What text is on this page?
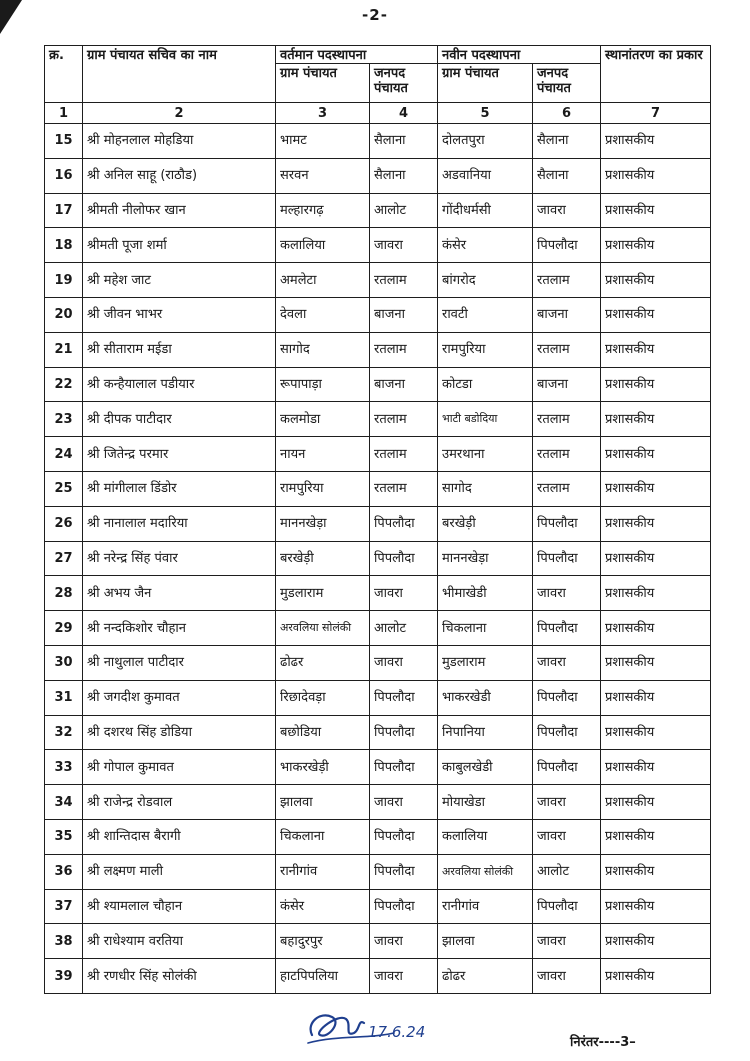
-2-
क्र.	ग्राम पंचायत सचिव का नाम	वर्तमान पदस्थापना		नवीन पदस्थापना		स्थानांतरण का प्रकार
		ग्राम पंचायत	जनपद पंचायत	ग्राम पंचायत	जनपद पंचायत	
1	2	3	4	5	6	7
15	श्री मोहनलाल मोहडिया	भामट	सैलाना	दोलतपुरा	सैलाना	प्रशासकीय
16	श्री अनिल साहू (राठौड)	सरवन	सैलाना	अडवानिया	सैलाना	प्रशासकीय
17	श्रीमती नीलोफर खान	मल्हारगढ़	आलोट	गोंदीधर्मसी	जावरा	प्रशासकीय
18	श्रीमती पूजा शर्मा	कलालिया	जावरा	कंसेर	पिपलौदा	प्रशासकीय
19	श्री महेश जाट	अमलेटा	रतलाम	बांगरोद	रतलाम	प्रशासकीय
20	श्री जीवन भाभर	देवला	बाजना	रावटी	बाजना	प्रशासकीय
21	श्री सीताराम मईडा	सागोद	रतलाम	रामपुरिया	रतलाम	प्रशासकीय
22	श्री कन्हैयालाल पडीयार	रूपापाड़ा	बाजना	कोटडा	बाजना	प्रशासकीय
23	श्री दीपक पाटीदार	कलमोडा	रतलाम	भाटी बडोदिया	रतलाम	प्रशासकीय
24	श्री जितेन्द्र परमार	नायन	रतलाम	उमरथाना	रतलाम	प्रशासकीय
25	श्री मांगीलाल डिंडोर	रामपुरिया	रतलाम	सागोद	रतलाम	प्रशासकीय
26	श्री नानालाल मदारिया	माननखेड़ा	पिपलौदा	बरखेड़ी	पिपलौदा	प्रशासकीय
27	श्री नरेन्द्र सिंह पंवार	बरखेड़ी	पिपलौदा	माननखेड़ा	पिपलौदा	प्रशासकीय
28	श्री अभय जैन	मुडलाराम	जावरा	भीमाखेडी	जावरा	प्रशासकीय
29	श्री नन्दकिशोर चौहान	अरवलिया सोलंकी	आलोट	चिकलाना	पिपलौदा	प्रशासकीय
30	श्री नाथुलाल पाटीदार	ढोढर	जावरा	मुडलाराम	जावरा	प्रशासकीय
31	श्री जगदीश कुमावत	रिछादेवड़ा	पिपलौदा	भाकरखेडी	पिपलौदा	प्रशासकीय
32	श्री दशरथ सिंह डोडिया	बछोडिया	पिपलौदा	निपानिया	पिपलौदा	प्रशासकीय
33	श्री गोपाल कुमावत	भाकरखेड़ी	पिपलौदा	काबुलखेडी	पिपलौदा	प्रशासकीय
34	श्री राजेन्द्र रोडवाल	झालवा	जावरा	मोयाखेडा	जावरा	प्रशासकीय
35	श्री शान्तिदास बैरागी	चिकलाना	पिपलौदा	कलालिया	जावरा	प्रशासकीय
36	श्री लक्ष्मण माली	रानीगांव	पिपलौदा	अरवलिया सोलंकी	आलोट	प्रशासकीय
37	श्री श्यामलाल चौहान	कंसेर	पिपलौदा	रानीगांव	पिपलौदा	प्रशासकीय
38	श्री राधेश्याम वरतिया	बहादुरपुर	जावरा	झालवा	जावरा	प्रशासकीय
39	श्री रणधीर सिंह सोलंकी	हाटपिपलिया	जावरा	ढोढर	जावरा	प्रशासकीय
17.6.24
निरंतर----3–
